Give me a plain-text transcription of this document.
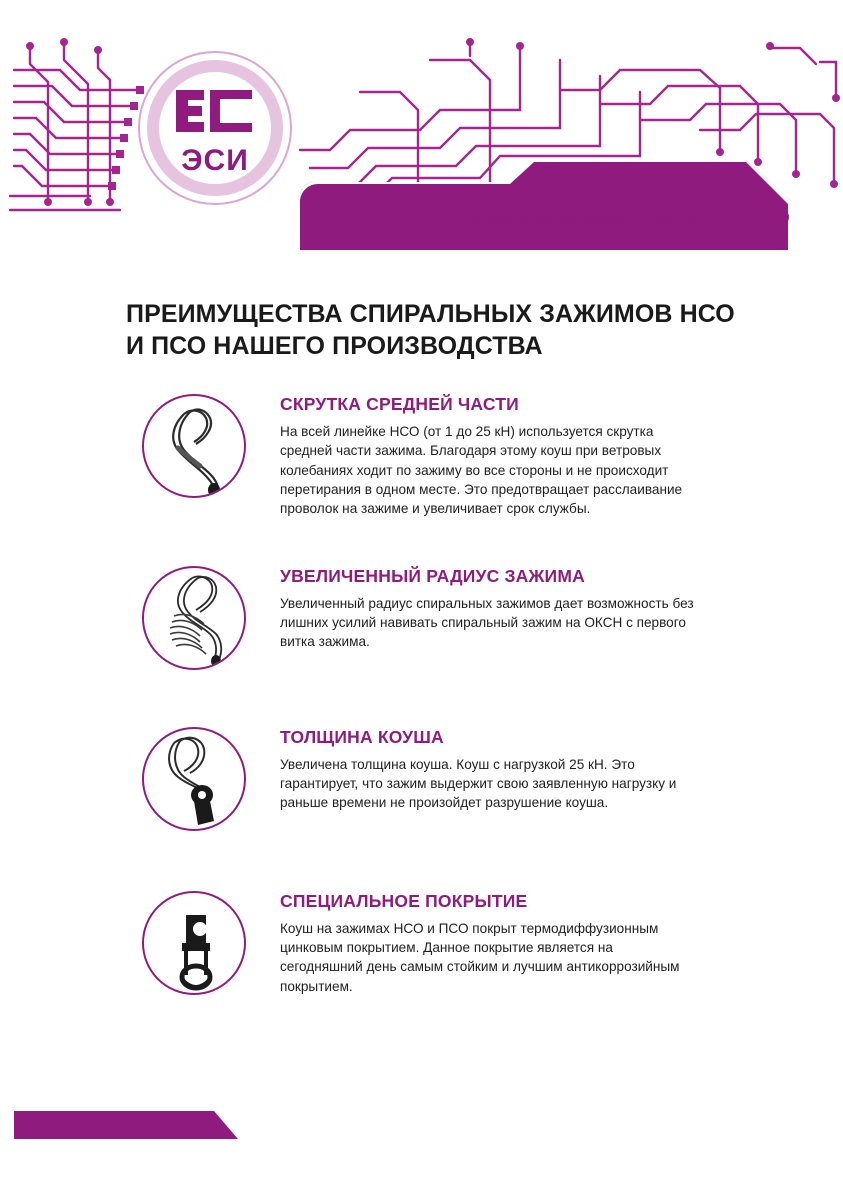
ЭСИ
Спиральная арматура НСО и ПСО
ПРЕИМУЩЕСТВА СПИРАЛЬНЫХ ЗАЖИМОВ НСО И ПСО НАШЕГО ПРОИЗВОДСТВА
СКРУТКА СРЕДНЕЙ ЧАСТИ
На всей линейке НСО (от 1 до 25 кН) используется скрутка средней части зажима. Благодаря этому коуш при ветровых колебаниях ходит по зажиму во все стороны и не происходит перетирания в одном месте. Это предотвращает расслаивание проволок на зажиме и увеличивает срок службы.
УВЕЛИЧЕННЫЙ РАДИУС ЗАЖИМА
Увеличенный радиус спиральных зажимов дает возможность без лишних усилий навивать спиральный зажим на ОКСН с первого витка зажима.
ТОЛЩИНА КОУША
Увеличена толщина коуша. Коуш с нагрузкой 25 кН. Это гарантирует, что зажим выдержит свою заявленную нагрузку и раньше времени не произойдет разрушение коуша.
СПЕЦИАЛЬНОЕ ПОКРЫТИЕ
Коуш на зажимах НСО и ПСО покрыт термодиффузионным цинковым покрытием. Данное покрытие является на сегодняшний день самым стойким и лучшим антикоррозийным покрытием.
